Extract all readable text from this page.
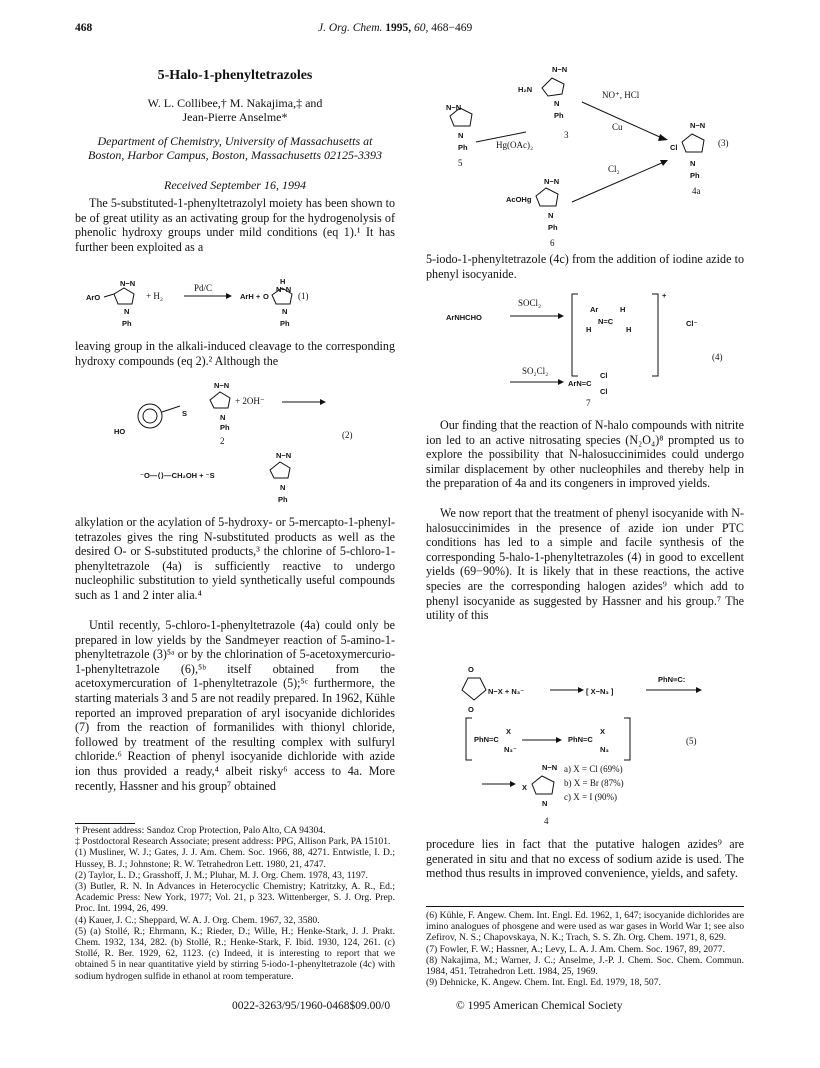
468	J. Org. Chem. 1995, 60, 468−469
5-Halo-1-phenyltetrazoles
W. L. Collibee,† M. Nakajima,‡ and
Jean-Pierre Anselme*
Department of Chemistry, University of Massachusetts at
Boston, Harbor Campus, Boston, Massachusetts 02125-3393
Received September 16, 1994

The 5-substituted-1-phenyltetrazolyl moiety has been shown to be of great utility as an activating group for the hydrogenolysis of phenolic hydroxy groups under mild conditions (eq 1).¹ It has further been exploited as a

ArO
N−N
N
Ph
+ H₂
Pd/C
ArH + O
H
N−N
N
Ph
(1)

leaving group in the alkali-induced cleavage to the corresponding hydroxy compounds (eq 2).² Although the

HO
S
N−N
N
Ph
+ 2OH⁻
2
(2)
⁻O—⟨⟩—CH₂OH + ⁻S
N−N
N
Ph

alkylation or the acylation of 5-hydroxy- or 5-mercapto-1-phenyl-tetrazoles gives the ring N-substituted products as well as the desired O- or S-substituted products,³ the chlorine of 5-chloro-1-phenyltetrazole (4a) is sufficiently reactive to undergo nucleophilic substitution to yield synthetically useful compounds such as 1 and 2 inter alia.⁴

Until recently, 5-chloro-1-phenyltetrazole (4a) could only be prepared in low yields by the Sandmeyer reaction of 5-amino-1-phenyltetrazole (3)⁵ᵃ or by the chlorination of 5-acetoxymercurio-1-phenyltetrazole (6),⁵ᵇ itself obtained from the acetoxymercuration of 1-phenyltetrazole (5);⁵ᶜ furthermore, the starting materials 3 and 5 are not readily prepared. In 1962, Kühle reported an improved preparation of aryl isocyanide dichlorides (7) from the reaction of formanilides with thionyl chloride, followed by treatment of the resulting complex with sulfuryl chloride.⁶ Reaction of phenyl isocyanide dichloride with azide ion thus provided a ready,⁴ albeit risky⁶ access to 4a. More recently, Hassner and his group⁷ obtained

† Present address: Sandoz Crop Protection, Palo Alto, CA 94304.
‡ Postdoctoral Research Associate; present address: PPG, Allison Park, PA 15101.
(1) Musliner, W. J.; Gates, J. J. Am. Chem. Soc. 1966, 88, 4271. Entwistle, I. D.; Hussey, B. J.; Johnstone; R. W. Tetrahedron Lett. 1980, 21, 4747.
(2) Taylor, L. D.; Grasshoff, J. M.; Pluhar, M. J. Org. Chem. 1978, 43, 1197.
(3) Butler, R. N. In Advances in Heterocyclic Chemistry; Katritzky, A. R., Ed.; Academic Press: New York, 1977; Vol. 21, p 323. Wittenberger, S. J. Org. Prep. Proc. Int. 1994, 26, 499.
(4) Kauer, J. C.; Sheppard, W. A. J. Org. Chem. 1967, 32, 3580.
(5) (a) Stollé, R.; Ehrmann, K.; Rieder, D.; Wille, H.; Henke-Stark, J. J. Prakt. Chem. 1932, 134, 282. (b) Stollé, R.; Henke-Stark, F. Ibid. 1930, 124, 261. (c) Stollé, R. Ber. 1929, 62, 1123. (c) Indeed, it is interesting to report that we obtained 5 in near quantitative yield by stirring 5-iodo-1-phenyltetrazole (4c) with sodium hydrogen sulfide in ethanol at room temperature.
N−N
H₂N
N
Ph
3
NO⁺, HCl
Cu
N−N
N
Ph
5
Hg(OAc)₂
N−N
Cl
N
Ph
4a
(3)
Cl₂
N−N
AcOHg
N
Ph
6

5-iodo-1-phenyltetrazole (4c) from the addition of iodine azide to phenyl isocyanide.

ArNHCHO
SOCl₂
Ar
N=C
H
H
H
+
Cl⁻
(4)
SO₂Cl₂
ArN=C
Cl
Cl
7

Our finding that the reaction of N-halo compounds with nitrite ion led to an active nitrosating species (N₂O₄)⁸ prompted us to explore the possibility that N-halosuccinimides could undergo similar displacement by other nucleophiles and thereby help in the preparation of 4a and its congeners in improved yields.

We now report that the treatment of phenyl isocyanide with N-halosuccinimides in the presence of azide ion under PTC conditions has led to a simple and facile synthesis of the corresponding 5-halo-1-phenyltetrazoles (4) in good to excellent yields (69−90%). It is likely that in these reactions, the active species are the corresponding halogen azides⁹ which add to phenyl isocyanide as suggested by Hassner and his group.⁷ The utility of this

O
O
N−X + N₃⁻	[ X−N₃ ]
PhN≡C:
PhN=C
X
N₃⁻
PhN=C
X
N₃
(5)
N−N
X
N
4
a) X = Cl (69%)
b) X = Br (87%)
c) X = I (90%)

procedure lies in fact that the putative halogen azides⁹ are generated in situ and that no excess of sodium azide is used. The method thus results in improved convenience, yields, and safety.

(6) Kühle, F. Angew. Chem. Int. Engl. Ed. 1962, 1, 647; isocyanide dichlorides are imino analogues of phosgene and were used as war gases in World War 1; see also Zefirov, N. S.; Chapovskaya, N. K.; Trach, S. S. Zh. Org. Chem. 1971, 8, 629.
(7) Fowler, F. W.; Hassner, A.; Levy, L. A. J. Am. Chem. Soc. 1967, 89, 2077.
(8) Nakajima, M.; Warner, J. C.; Anselme, J.-P. J. Chem. Soc. Chem. Commun. 1984, 451. Tetrahedron Lett. 1984, 25, 1969.
(9) Dehnicke, K. Angew. Chem. Int. Engl. Ed. 1979, 18, 507.
0022-3263/95/1960-0468$09.00/0	© 1995 American Chemical Society
